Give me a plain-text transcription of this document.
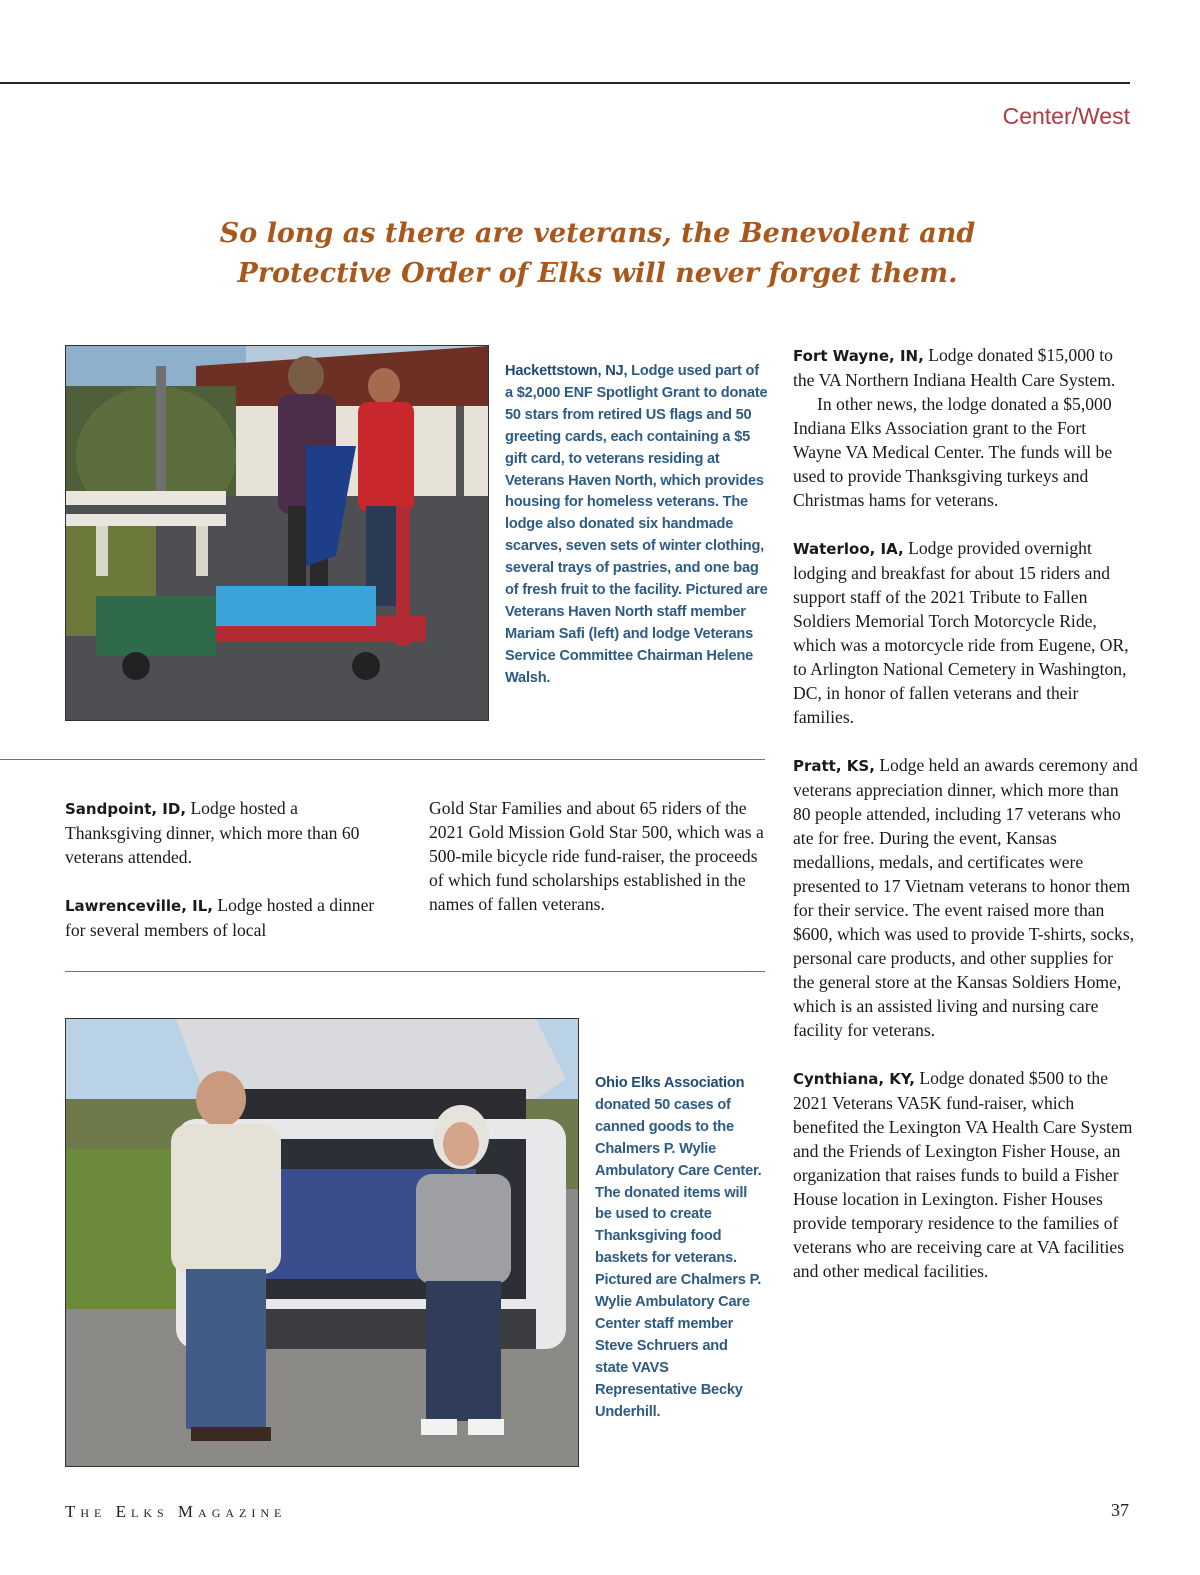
Center/West
So long as there are veterans, the Benevolent and
Protective Order of Elks will never forget them.
Hackettstown, NJ, Lodge used part of a $2,000 ENF Spotlight Grant to donate 50 stars from retired US flags and 50 greeting cards, each containing a $5 gift card, to veterans residing at Veterans Haven North, which provides housing for homeless veterans. The lodge also donated six handmade scarves, seven sets of winter clothing, several trays of pastries, and one bag of fresh fruit to the facility. Pictured are Veterans Haven North staff member Mariam Safi (left) and lodge Veterans Service Committee Chairman Helene Walsh.

Sandpoint, ID, Lodge hosted a Thanksgiving dinner, which more than 60 veterans attended.

Lawrenceville, IL, Lodge hosted a dinner for several members of local

Gold Star Families and about 65 riders of the 2021 Gold Mission Gold Star 500, which was a 500-mile bicycle ride fund-raiser, the proceeds of which fund scholarships established in the names of fallen veterans.

Ohio Elks Association donated 50 cases of canned goods to the Chalmers P. Wylie Ambulatory Care Center. The donated items will be used to create Thanksgiving food baskets for veterans. Pictured are Chalmers P. Wylie Ambulatory Care Center staff member Steve Schruers and state VAVS Representative Becky Underhill.

Fort Wayne, IN, Lodge donated $15,000 to the VA Northern Indiana Health Care System.

In other news, the lodge donated a $5,000 Indiana Elks Association grant to the Fort Wayne VA Medical Center. The funds will be used to provide Thanksgiving turkeys and Christmas hams for veterans.

Waterloo, IA, Lodge provided overnight lodging and breakfast for about 15 riders and support staff of the 2021 Tribute to Fallen Soldiers Memorial Torch Motorcycle Ride, which was a motorcycle ride from Eugene, OR, to Arlington National Cemetery in Washington, DC, in honor of fallen veterans and their families.

Pratt, KS, Lodge held an awards ceremony and veterans appreciation dinner, which more than 80 people attended, including 17 veterans who ate for free. During the event, Kansas medallions, medals, and certificates were presented to 17 Vietnam veterans to honor them for their service. The event raised more than $600, which was used to provide T-shirts, socks, personal care products, and other supplies for the general store at the Kansas Soldiers Home, which is an assisted living and nursing care facility for veterans.

Cynthiana, KY, Lodge donated $500 to the 2021 Veterans VA5K fund-raiser, which benefited the Lexington VA Health Care System and the Friends of Lexington Fisher House, an organization that raises funds to build a Fisher House location in Lexington. Fisher Houses provide temporary residence to the families of veterans who are receiving care at VA facilities and other medical facilities.

The Elks Magazine	37
